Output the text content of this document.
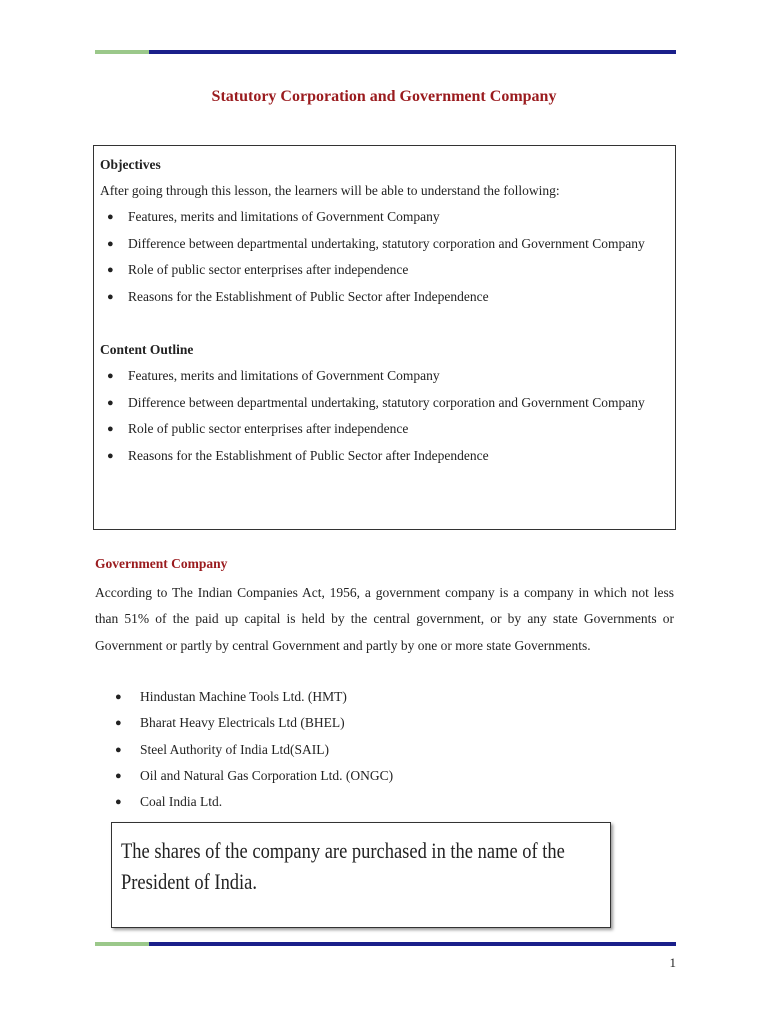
Statutory Corporation and Government Company
Objectives
After going through this lesson, the learners will be able to understand the following:
● Features, merits and limitations of Government Company
● Difference between departmental undertaking, statutory corporation and Government Company
● Role of public sector enterprises after independence
● Reasons for the Establishment of Public Sector after Independence
Content Outline
● Features, merits and limitations of Government Company
● Difference between departmental undertaking, statutory corporation and Government Company
● Role of public sector enterprises after independence
● Reasons for the Establishment of Public Sector after Independence
Government Company

According to The Indian Companies Act, 1956, a government company is a company in which not less than 51% of the paid up capital is held by the central government, or by any state Governments or Government or partly by central Government and partly by one or more state Governments.

● Hindustan Machine Tools Ltd. (HMT)
● Bharat Heavy Electricals Ltd (BHEL)
● Steel Authority of India Ltd(SAIL)
● Oil and Natural Gas Corporation Ltd. (ONGC)
● Coal India Ltd.
The shares of the company are purchased in the name of the President of India.
1
